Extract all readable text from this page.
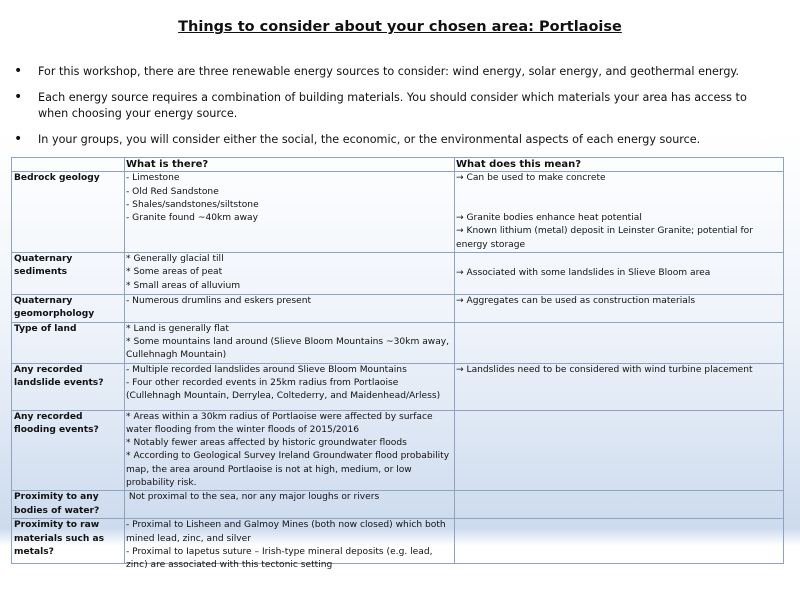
Things to consider about your chosen area: Portlaoise
• For this workshop, there are three renewable energy sources to consider: wind energy, solar energy, and geothermal energy.
• Each energy source requires a combination of building materials. You should consider which materials your area has access to when choosing your energy source.
• In your groups, you will consider either the social, the economic, or the environmental aspects of each energy source.
	What is there?	What does this mean?
Bedrock geology	- Limestone
- Old Red Sandstone
- Shales/sandstones/siltstone
- Granite found ~40km away	→ Can be used to make concrete
→ Granite bodies enhance heat potential
→ Known lithium (metal) deposit in Leinster Granite; potential for energy storage

Quaternary sediments	* Generally glacial till
* Some areas of peat
* Small areas of alluvium	→ Associated with some landslides in Slieve Bloom area

Quaternary geomorphology	- Numerous drumlins and eskers present	→ Aggregates can be used as construction materials

Type of land	* Land is generally flat
* Some mountains land around (Slieve Bloom Mountains ~30km away, Cullehnagh Mountain)	

Any recorded landslide events?	- Multiple recorded landslides around Slieve Bloom Mountains
- Four other recorded events in 25km radius from Portlaoise (Cullehnagh Mountain, Derrylea, Coltederry, and Maidenhead/Arless)	→ Landslides need to be considered with wind turbine placement

Any recorded flooding events?	* Areas within a 30km radius of Portlaoise were affected by surface water flooding from the winter floods of 2015/2016
* Notably fewer areas affected by historic groundwater floods
* According to Geological Survey Ireland Groundwater flood probability map, the area around Portlaoise is not at high, medium, or low probability risk.	

Proximity to any bodies of water?	Not proximal to the sea, nor any major loughs or rivers	

Proximity to raw materials such as metals?	- Proximal to Lisheen and Galmoy Mines (both now closed) which both mined lead, zinc, and silver
- Proximal to Iapetus suture – Irish-type mineral deposits (e.g. lead, zinc) are associated with this tectonic setting	
